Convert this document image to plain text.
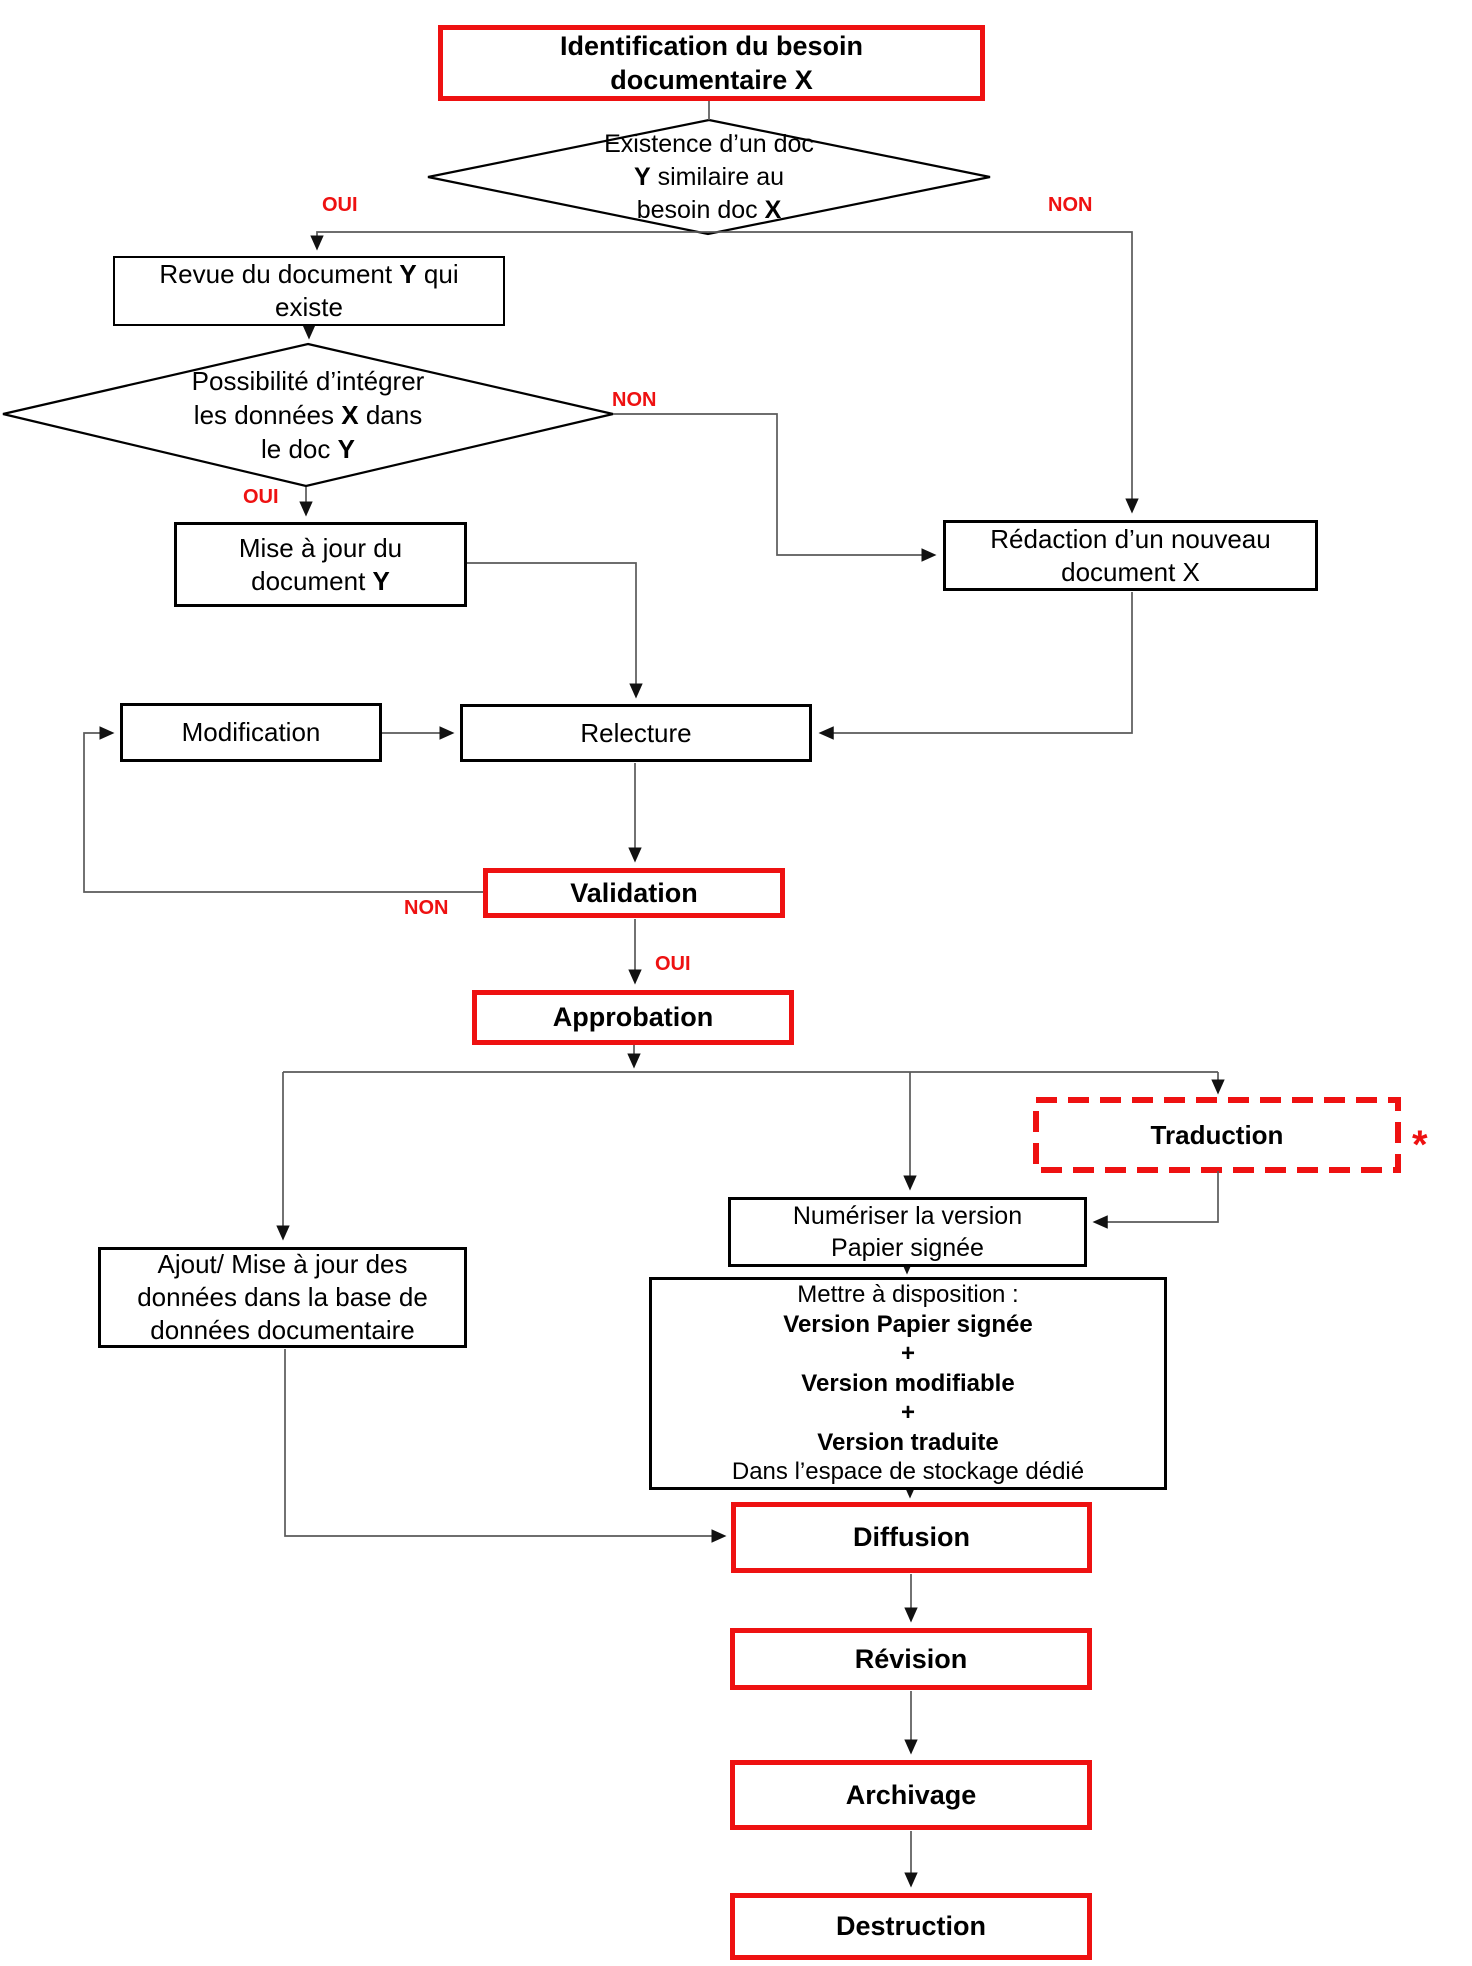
Identification du besoin
documentaire X
Revue du document Y qui
existe
Mise à jour du
document Y
Rédaction d’un nouveau
document X
Modification	Relecture
Validation
Approbation
Ajout/ Mise à jour des
données dans la base de
données documentaire
Numériser la version
Papier signée
Traduction
Mettre à disposition :
Version Papier signée
+
Version modifiable
+
Version traduite
Dans l’espace de stockage dédié
Diffusion
Révision
Archivage
Destruction
Existence d’un doc
Y similaire au
besoin doc X
Possibilité d’intégrer
les données X dans
le doc Y
OUI	NON
NON
OUI
NON
OUI
*
